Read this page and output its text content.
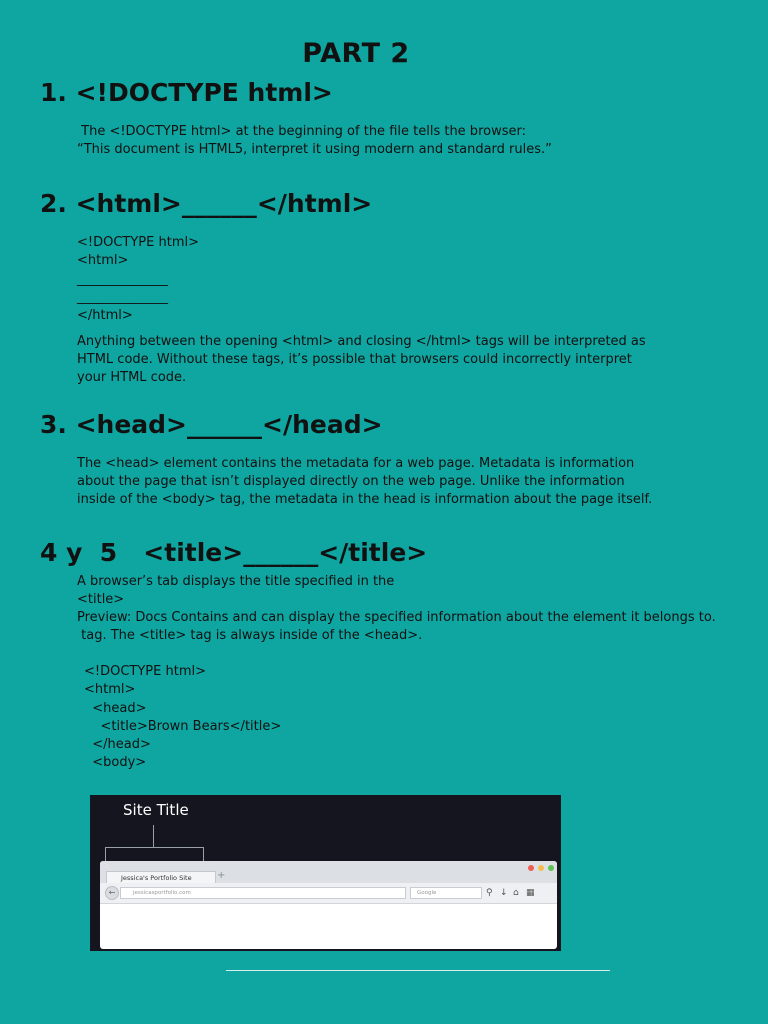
PART 2
1. <!DOCTYPE html>
The <!DOCTYPE html> at the beginning of the file tells the browser:
“This document is HTML5, interpret it using modern and standard rules.”
2. <html>______</html>
<!DOCTYPE html>
<html>
______________
______________
</html>
Anything between the opening <html> and closing </html> tags will be interpreted as
HTML code. Without these tags, it’s possible that browsers could incorrectly interpret
your HTML code.
3. <head>______</head>
The <head> element contains the metadata for a web page. Metadata is information
about the page that isn’t displayed directly on the web page. Unlike the information
inside of the <body> tag, the metadata in the head is information about the page itself.
4 y  5   <title>______</title>
A browser’s tab displays the title specified in the
<title>
Preview: Docs Contains and can display the specified information about the element it belongs to.
tag. The <title> tag is always inside of the <head>.
<!DOCTYPE html>
<html>
<head>
<title>Brown Bears</title>
</head>
<body>
Site Title
Jessica's Portfolio Site	+
←	jessicasportfolio.com	Google	⚲ ↓ ⌂ ▦
